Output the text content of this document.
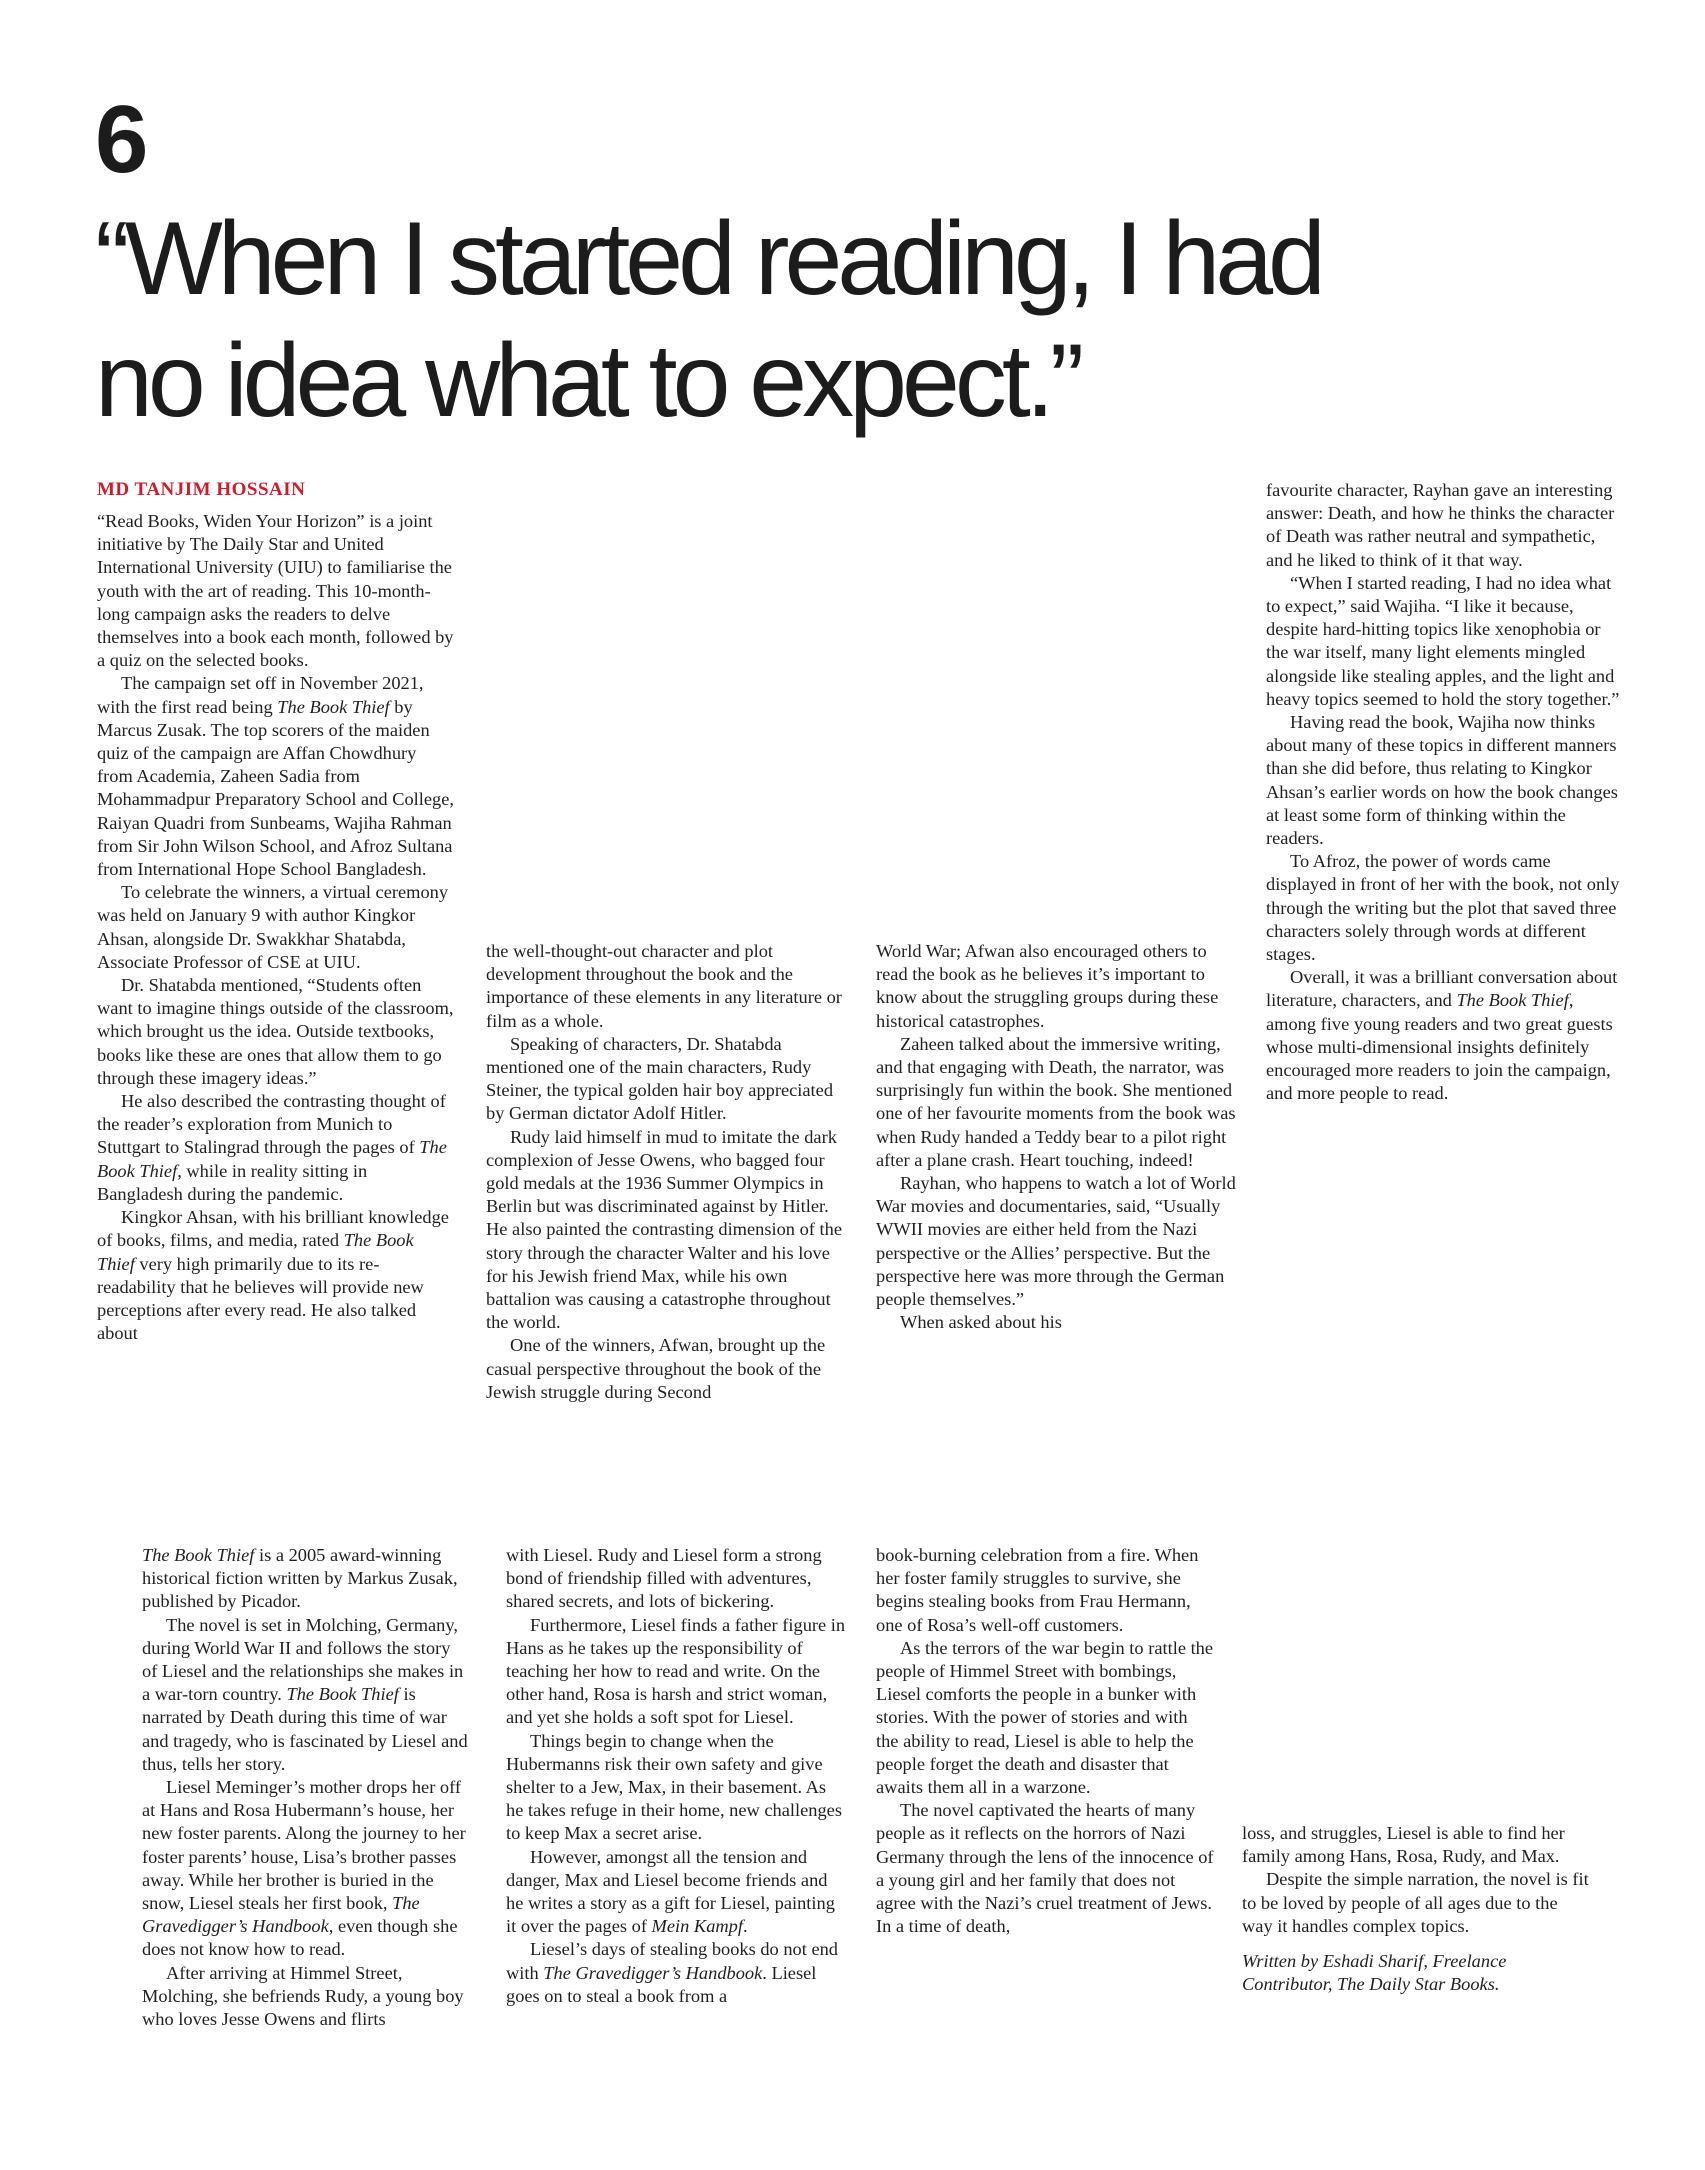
6
“When I started reading, I had
no idea what to expect.”
MD TANJIM HOSSAIN

“Read Books, Widen Your Horizon” is a joint initiative by The Daily Star and United International University (UIU) to familiarise the youth with the art of reading. This 10-month-long campaign asks the readers to delve themselves into a book each month, followed by a quiz on the selected books.

The campaign set off in November 2021, with the first read being The Book Thief by Marcus Zusak. The top scorers of the maiden quiz of the campaign are Affan Chowdhury from Academia, Zaheen Sadia from Mohammadpur Preparatory School and College, Raiyan Quadri from Sunbeams, Wajiha Rahman from Sir John Wilson School, and Afroz Sultana from International Hope School Bangladesh.

To celebrate the winners, a virtual ceremony was held on January 9 with author Kingkor Ahsan, alongside Dr. Swakkhar Shatabda, Associate Professor of CSE at UIU.

Dr. Shatabda mentioned, “Students often want to imagine things outside of the classroom, which brought us the idea. Outside textbooks, books like these are ones that allow them to go through these imagery ideas.”

He also described the contrasting thought of the reader’s exploration from Munich to Stuttgart to Stalingrad through the pages of The Book Thief, while in reality sitting in Bangladesh during the pandemic.

Kingkor Ahsan, with his brilliant knowledge of books, films, and media, rated The Book Thief very high primarily due to its re-readability that he believes will provide new perceptions after every read. He also talked about

the well-thought-out character and plot development throughout the book and the importance of these elements in any literature or film as a whole.

Speaking of characters, Dr. Shatabda mentioned one of the main characters, Rudy Steiner, the typical golden hair boy appreciated by German dictator Adolf Hitler.

Rudy laid himself in mud to imitate the dark complexion of Jesse Owens, who bagged four gold medals at the 1936 Summer Olympics in Berlin but was discriminated against by Hitler. He also painted the contrasting dimension of the story through the character Walter and his love for his Jewish friend Max, while his own battalion was causing a catastrophe throughout the world.

One of the winners, Afwan, brought up the casual perspective throughout the book of the Jewish struggle during Second

World War; Afwan also encouraged others to read the book as he believes it’s important to know about the struggling groups during these historical catastrophes.

Zaheen talked about the immersive writing, and that engaging with Death, the narrator, was surprisingly fun within the book. She mentioned one of her favourite moments from the book was when Rudy handed a Teddy bear to a pilot right after a plane crash. Heart touching, indeed!

Rayhan, who happens to watch a lot of World War movies and documentaries, said, “Usually WWII movies are either held from the Nazi perspective or the Allies’ perspective. But the perspective here was more through the German people themselves.”

When asked about his

favourite character, Rayhan gave an interesting answer: Death, and how he thinks the character of Death was rather neutral and sympathetic, and he liked to think of it that way.

“When I started reading, I had no idea what to expect,” said Wajiha. “I like it because, despite hard-hitting topics like xenophobia or the war itself, many light elements mingled alongside like stealing apples, and the light and heavy topics seemed to hold the story together.”

Having read the book, Wajiha now thinks about many of these topics in different manners than she did before, thus relating to Kingkor Ahsan’s earlier words on how the book changes at least some form of thinking within the readers.

To Afroz, the power of words came displayed in front of her with the book, not only through the writing but the plot that saved three characters solely through words at different stages.

Overall, it was a brilliant conversation about literature, characters, and The Book Thief, among five young readers and two great guests whose multi-dimensional insights definitely encouraged more readers to join the campaign, and more people to read.

The Book Thief is a 2005 award-winning historical fiction written by Markus Zusak, published by Picador.

The novel is set in Molching, Germany, during World War II and follows the story of Liesel and the relationships she makes in a war-torn country. The Book Thief is narrated by Death during this time of war and tragedy, who is fascinated by Liesel and thus, tells her story.

Liesel Meminger’s mother drops her off at Hans and Rosa Hubermann’s house, her new foster parents. Along the journey to her foster parents’ house, Lisa’s brother passes away. While her brother is buried in the snow, Liesel steals her first book, The Gravedigger’s Handbook, even though she does not know how to read.

After arriving at Himmel Street, Molching, she befriends Rudy, a young boy who loves Jesse Owens and flirts

with Liesel. Rudy and Liesel form a strong bond of friendship filled with adventures, shared secrets, and lots of bickering.

Furthermore, Liesel finds a father figure in Hans as he takes up the responsibility of teaching her how to read and write. On the other hand, Rosa is harsh and strict woman, and yet she holds a soft spot for Liesel.

Things begin to change when the Hubermanns risk their own safety and give shelter to a Jew, Max, in their basement. As he takes refuge in their home, new challenges to keep Max a secret arise.

However, amongst all the tension and danger, Max and Liesel become friends and he writes a story as a gift for Liesel, painting it over the pages of Mein Kampf.

Liesel’s days of stealing books do not end with The Gravedigger’s Handbook. Liesel goes on to steal a book from a

book-burning celebration from a fire. When her foster family struggles to survive, she begins stealing books from Frau Hermann, one of Rosa’s well-off customers.

As the terrors of the war begin to rattle the people of Himmel Street with bombings, Liesel comforts the people in a bunker with stories. With the power of stories and with the ability to read, Liesel is able to help the people forget the death and disaster that awaits them all in a warzone.

The novel captivated the hearts of many people as it reflects on the horrors of Nazi Germany through the lens of the innocence of a young girl and her family that does not agree with the Nazi’s cruel treatment of Jews. In a time of death,

loss, and struggles, Liesel is able to find her family among Hans, Rosa, Rudy, and Max.

Despite the simple narration, the novel is fit to be loved by people of all ages due to the way it handles complex topics.

Written by Eshadi Sharif, Freelance Contributor, The Daily Star Books.
